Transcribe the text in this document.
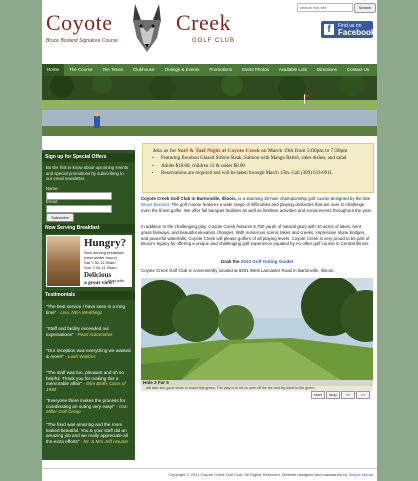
Coyote	Creek
Bruce Borland Signature Course	GOLF CLUB
search this site	Search
f	Find us on
Facebook
Home	The Course	Tee Times	Clubhouse	Outings & Events	Promotions	Event Photos	Available Lots	Directions	Contact Us
Join us for Surf & Turf Night at Coyote Creek on March 19th from 5:00pm to 7:30pm
• Featuring Bourbon Glazed Sirloin Steak, Salmon with Mango Relish, sides dishes, and salad
• Adults $18.00; children 12 & under $8.00
• Reservations are required and will be taken through March 15th. Call (309) 633-0911.
Sign up for Special Offers
Be the first to know about upcoming events and special promotions by subscribing to our email newsletter.
Name:
Email:
Subscribe
Now Serving Breakfast
Hungry?
Now serving breakfast
(new winter hours)
Sat 7:30-11:30am
Sun 7:30-11:30am
Delicious
food with
a great view!
Testimonials
"The best service I have seen in a long time" - Lisa, NEA Weddings
"Staff and facility exceeded our expectations" - Pearl Automotive
"Our reception was everything we wanted & more!" - Leah Watkins
"The staff was fun, pleasant and oh so helpful. Thank you for making this a memorable affair" - Elim Bluffs Class of 1980
"Everyone there makes the process for coordinating an outing very easy!" - Dan Miller Golf Group
"The food was amazing and the room looked beautiful. You & your staff did an amazing job and we really appreciate all the extra efforts" - Mr. & Mrs Jeff Hauner
Coyote Creek Golf Club in Bartonville, Illinois, is a stunning 18-hole championship golf course designed by the late Bruce Borland. The golf course features a wide range of difficulties and playing obstacles that are sure to challenge even the finest golfer. We offer full banquet facilities as well as limitless activities and social events throughout the year.
In addition to the challenging play, Coyote Creek features 6,700 yards of natural glory with 10 acres of lakes, bent grass fairways, and beautiful elevation changes. With numerous scenic lakes and creeks, impressive stone bridges, and peaceful waterfalls, Coyote Creek will please golfers of all playing levels. Coyote Creek is very proud to be part of Bruce's legacy by offering a unique and challenging golf experience equaled by no other golf course in Central Illinois.
Grab the 2010 Golf Outing Guide!
Coyote Creek Golf Club is conveniently located at 8201 West Lancaster Road in Bartonville, Illinois.
Hole 3 Par 5
...will take two good shots to reach this green. The play is to hit on over off the tee and lay short to the green
start	stop	<<	>>
Copyright © 2011 Coyote Creek Golf Club. All Rights Reserved. Website designed and maintained by Simple Mama
